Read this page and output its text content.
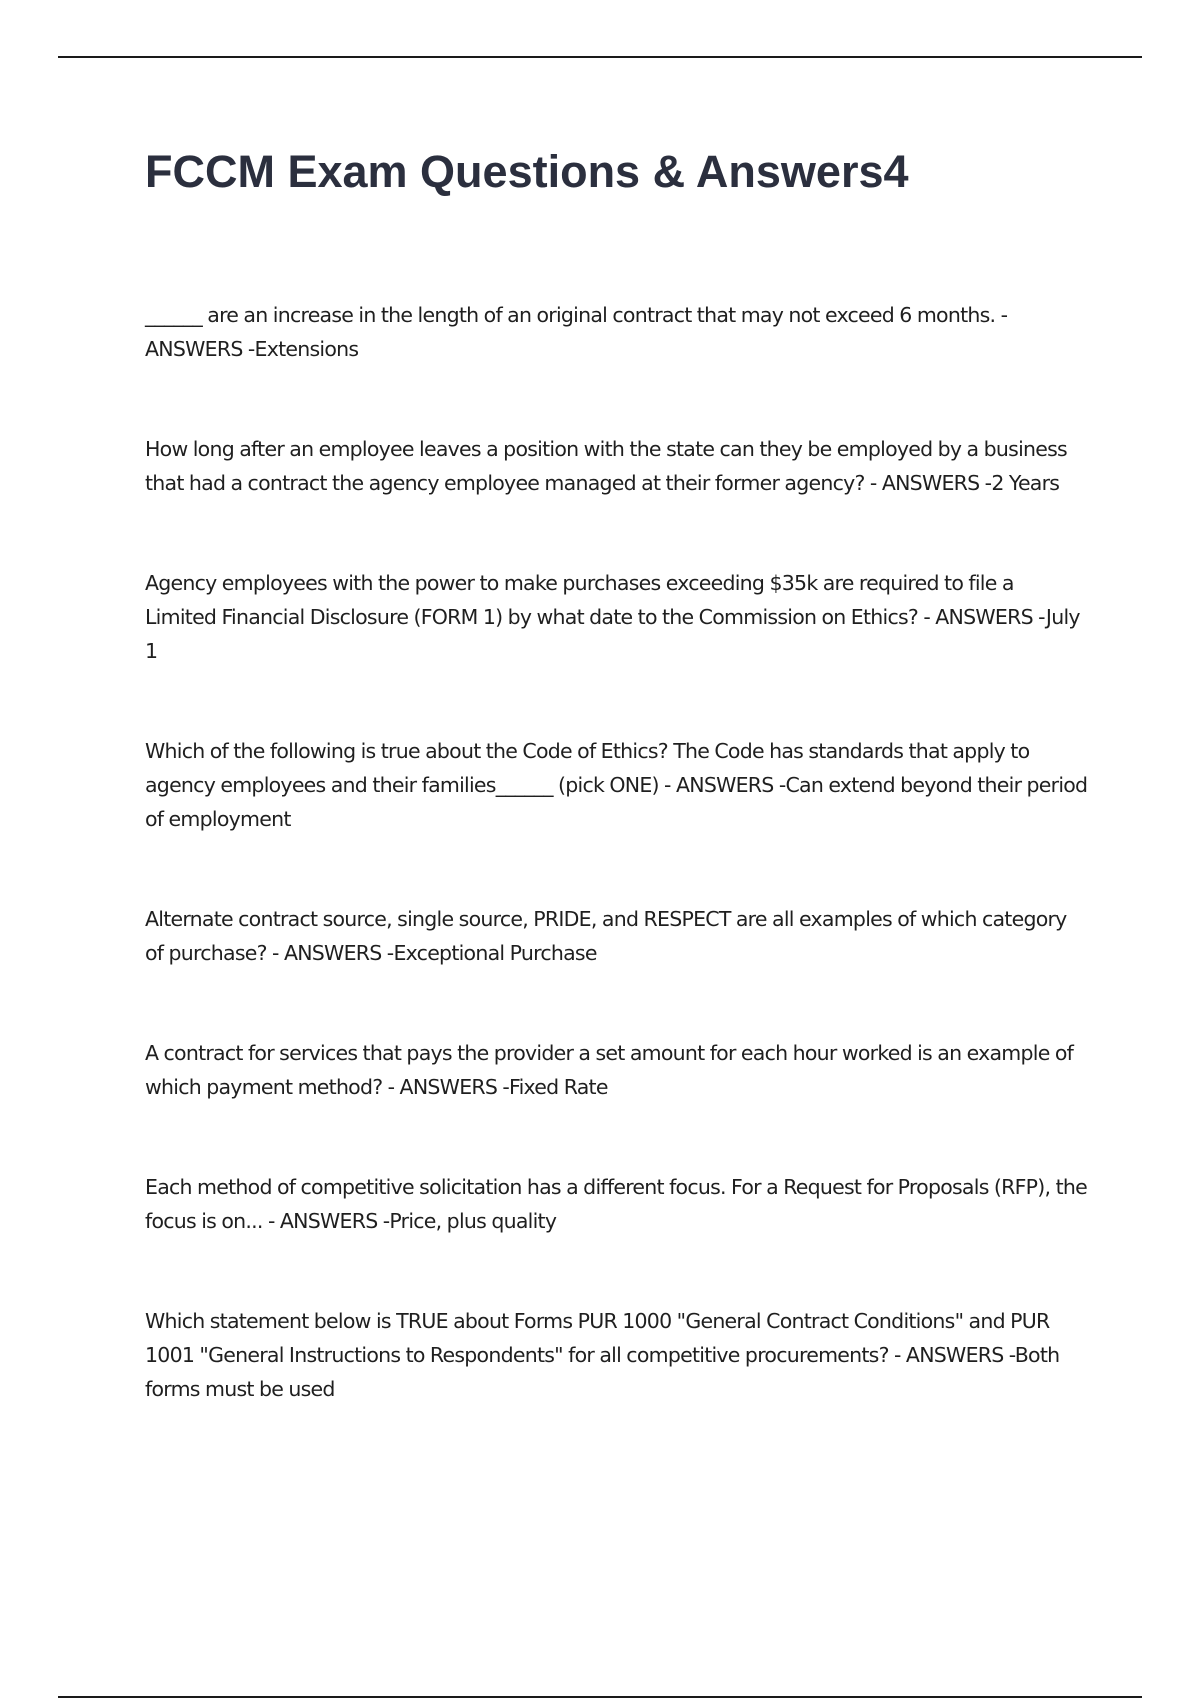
FCCM Exam Questions & Answers4

______ are an increase in the length of an original contract that may not exceed 6 months. - ANSWERS -Extensions

How long after an employee leaves a position with the state can they be employed by a business that had a contract the agency employee managed at their former agency? - ANSWERS -2 Years

Agency employees with the power to make purchases exceeding $35k are required to file a Limited Financial Disclosure (FORM 1) by what date to the Commission on Ethics? - ANSWERS -July 1

Which of the following is true about the Code of Ethics? The Code has standards that apply to agency employees and their families______ (pick ONE) - ANSWERS -Can extend beyond their period of employment

Alternate contract source, single source, PRIDE, and RESPECT are all examples of which category of purchase? - ANSWERS -Exceptional Purchase

A contract for services that pays the provider a set amount for each hour worked is an example of which payment method? - ANSWERS -Fixed Rate

Each method of competitive solicitation has a different focus. For a Request for Proposals (RFP), the focus is on... - ANSWERS -Price, plus quality

Which statement below is TRUE about Forms PUR 1000 "General Contract Conditions" and PUR 1001 "General Instructions to Respondents" for all competitive procurements? - ANSWERS -Both forms must be used
